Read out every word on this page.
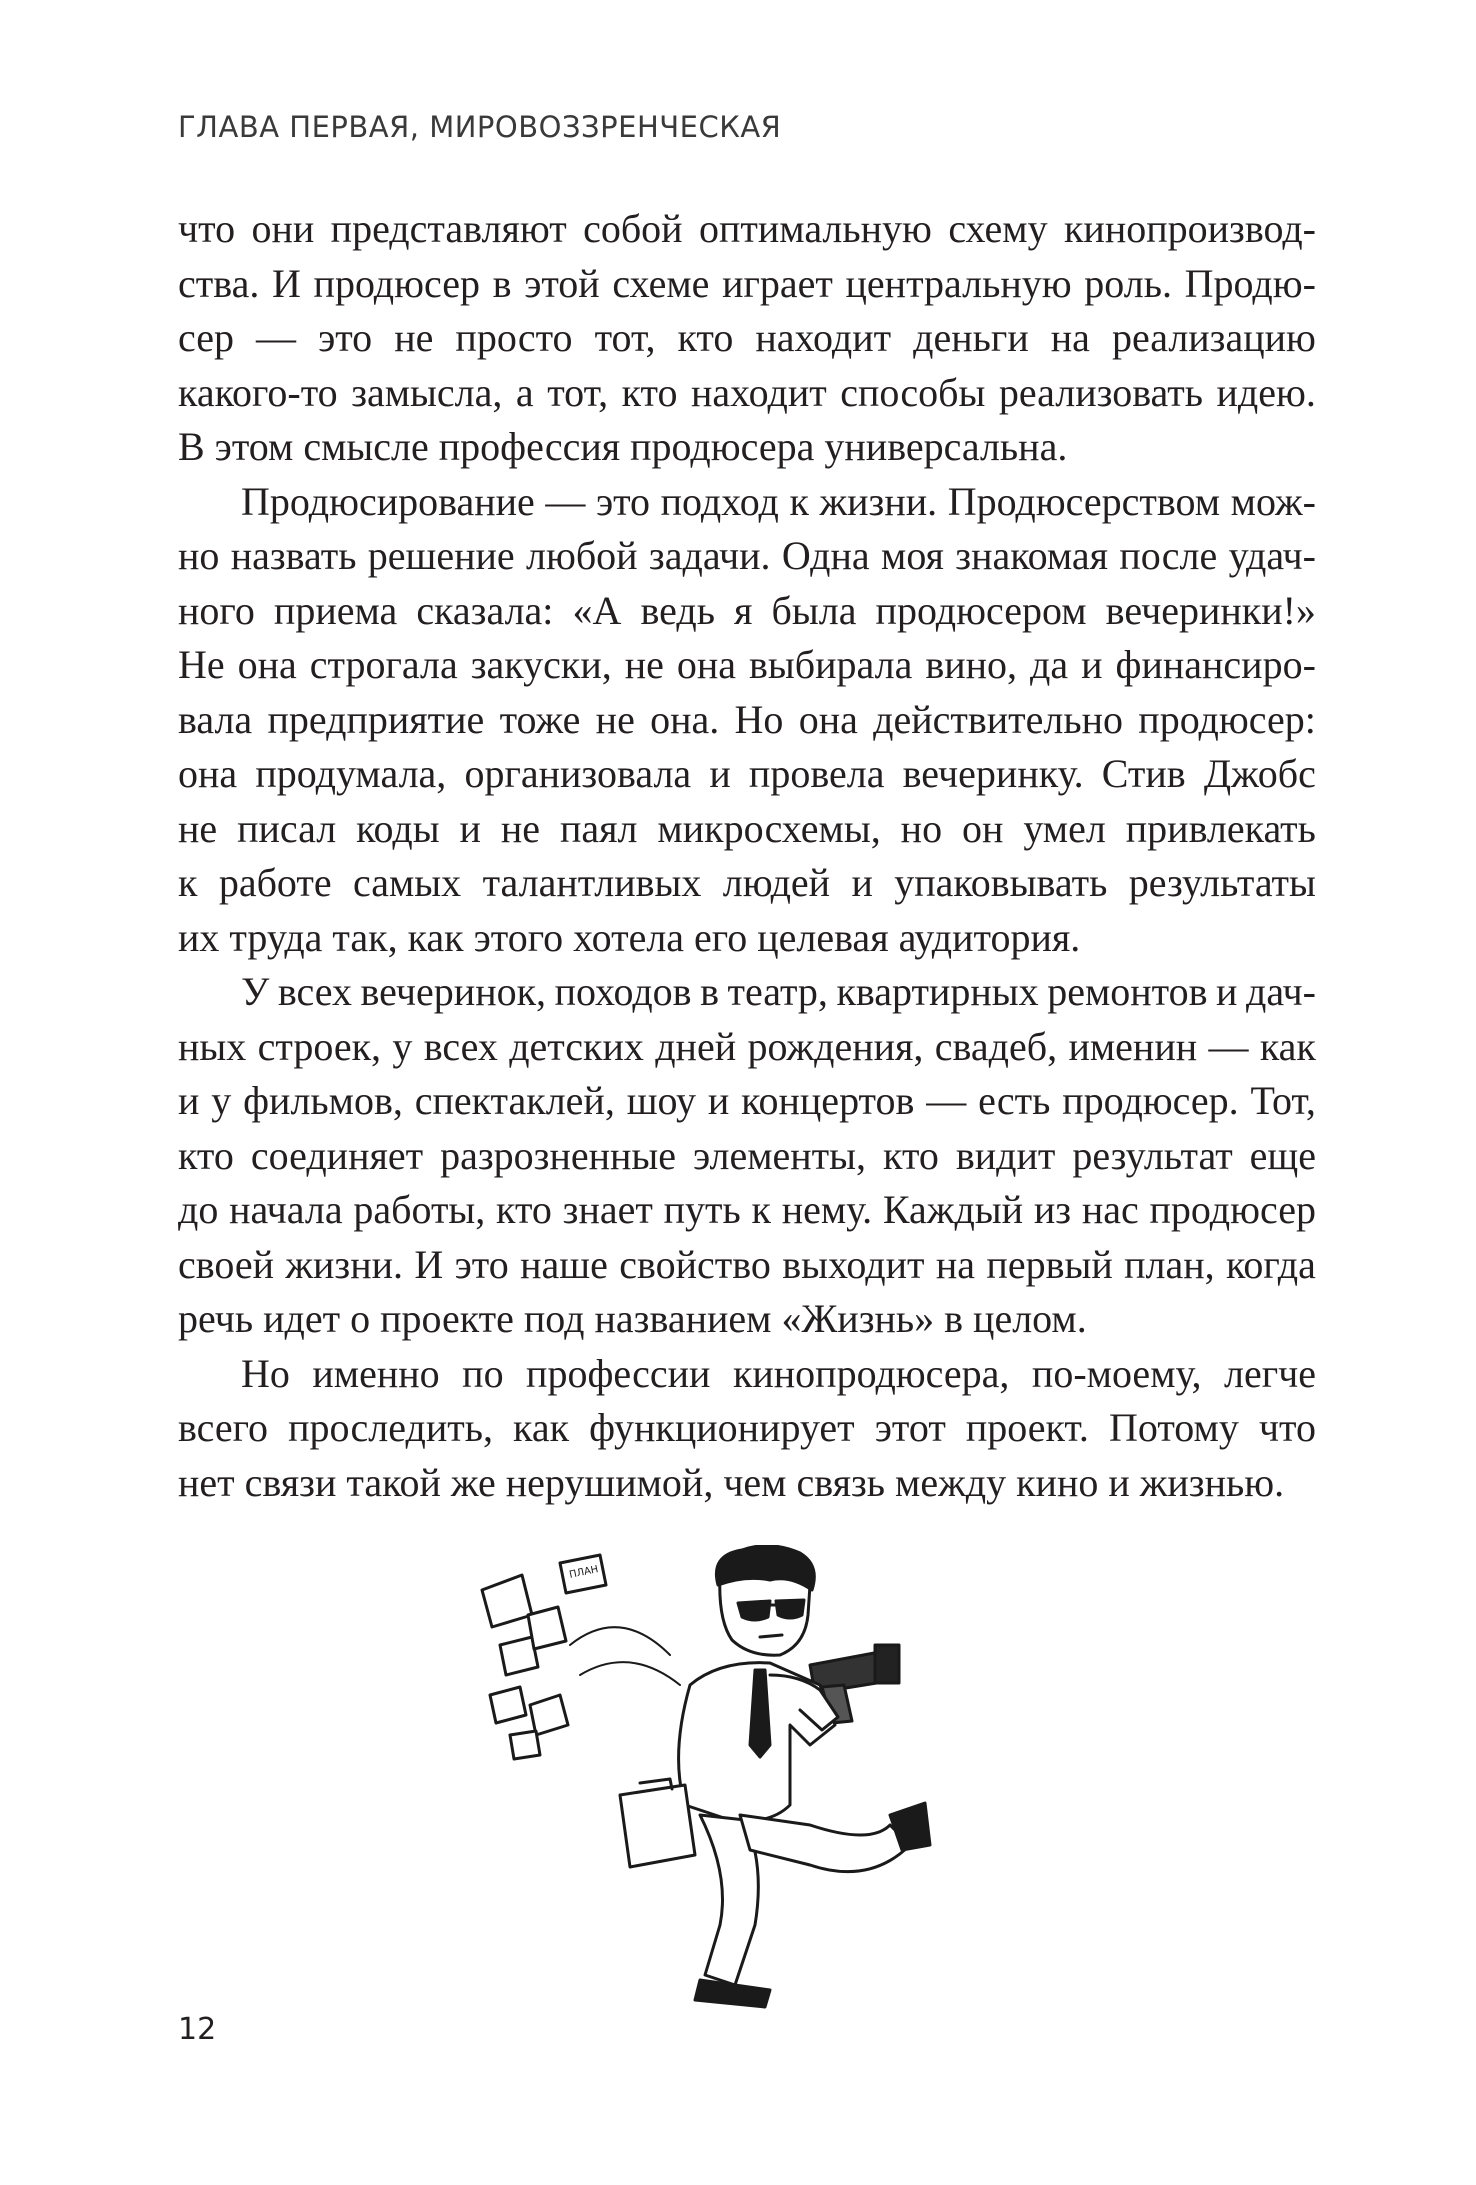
ГЛАВА ПЕРВАЯ, МИРОВОЗЗРЕНЧЕСКАЯ
что они представляют собой оптимальную схему кинопроизвод-
ства. И продюсер в этой схеме играет центральную роль. Продю-
сер — это не просто тот, кто находит деньги на реализацию
какого-то замысла, а тот, кто находит способы реализовать идею.
В этом смысле профессия продюсера универсальна.
Продюсирование — это подход к жизни. Продюсерством мож-
но назвать решение любой задачи. Одна моя знакомая после удач-
ного приема сказала: «А ведь я была продюсером вечеринки!»
Не она строгала закуски, не она выбирала вино, да и финансиро-
вала предприятие тоже не она. Но она действительно продюсер:
она продумала, организовала и провела вечеринку. Стив Джобс
не писал коды и не паял микросхемы, но он умел привлекать
к работе самых талантливых людей и упаковывать результаты
их труда так, как этого хотела его целевая аудитория.
У всех вечеринок, походов в театр, квартирных ремонтов и дач-
ных строек, у всех детских дней рождения, свадеб, именин — как
и у фильмов, спектаклей, шоу и концертов — есть продюсер. Тот,
кто соединяет разрозненные элементы, кто видит результат еще
до начала работы, кто знает путь к нему. Каждый из нас продюсер
своей жизни. И это наше свойство выходит на первый план, когда
речь идет о проекте под названием «Жизнь» в целом.
Но именно по профессии кинопродюсера, по-моему, легче
всего проследить, как функционирует этот проект. Потому что
нет связи такой же нерушимой, чем связь между кино и жизнью.
ПЛАН
12
